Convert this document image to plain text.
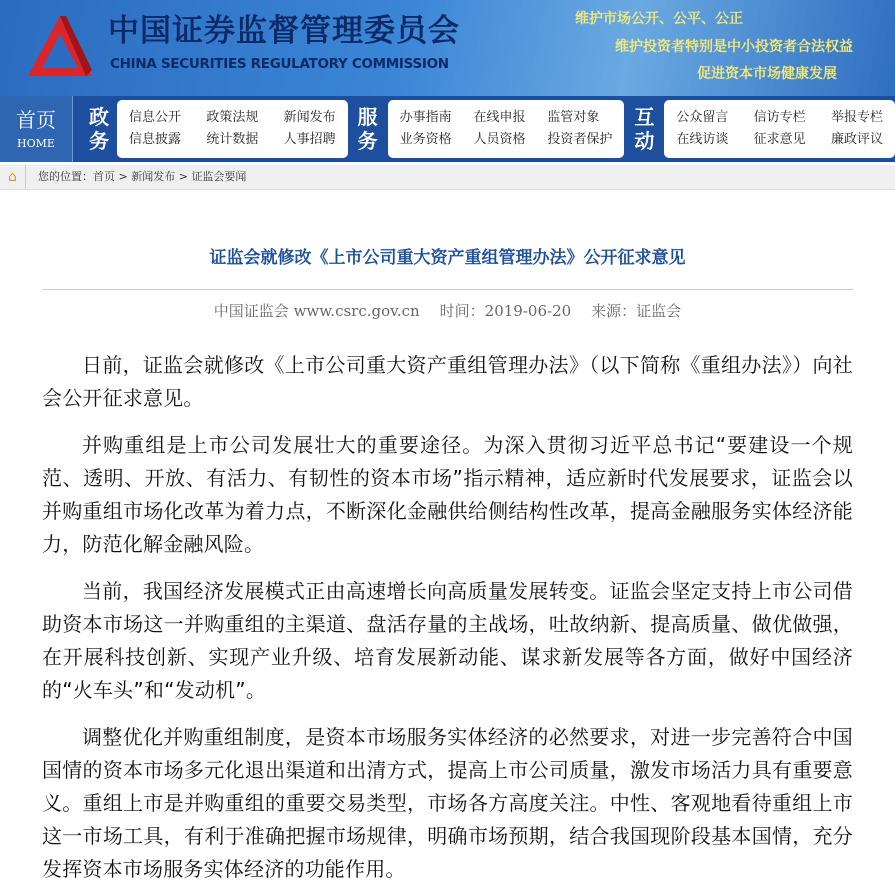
中国证券监督管理委员会
CHINA SECURITIES REGULATORY COMMISSION
维护市场公开、公平、公正
维护投资者特别是中小投资者合法权益
促进资本市场健康发展
首页
HOME
政
务
信息公开 政策法规 新闻发布
信息披露 统计数据 人事招聘
服
务
办事指南 在线申报 监管对象
业务资格 人员资格 投资者保护
互
动
公众留言 信访专栏 举报专栏
在线访谈 征求意见 廉政评议
⌂	您的位置： 首页 > 新闻发布 > 证监会要闻
证监会就修改《上市公司重大资产重组管理办法》公开征求意见
中国证监会 www.csrc.gov.cn 时间：2019-06-20 来源：证监会

日前，证监会就修改《上市公司重大资产重组管理办法》（以下简称《重组办法》）向社会公开征求意见。

并购重组是上市公司发展壮大的重要途径。为深入贯彻习近平总书记“要建设一个规范、透明、开放、有活力、有韧性的资本市场”指示精神，适应新时代发展要求，证监会以并购重组市场化改革为着力点，不断深化金融供给侧结构性改革，提高金融服务实体经济能力，防范化解金融风险。

当前，我国经济发展模式正由高速增长向高质量发展转变。证监会坚定支持上市公司借助资本市场这一并购重组的主渠道、盘活存量的主战场，吐故纳新、提高质量、做优做强，在开展科技创新、实现产业升级、培育发展新动能、谋求新发展等各方面，做好中国经济的“火车头”和“发动机”。

调整优化并购重组制度，是资本市场服务实体经济的必然要求，对进一步完善符合中国国情的资本市场多元化退出渠道和出清方式，提高上市公司质量，激发市场活力具有重要意义。重组上市是并购重组的重要交易类型，市场各方高度关注。中性、客观地看待重组上市这一市场工具，有利于准确把握市场规律，明确市场预期，结合我国现阶段基本国情，充分发挥资本市场服务实体经济的功能作用。
